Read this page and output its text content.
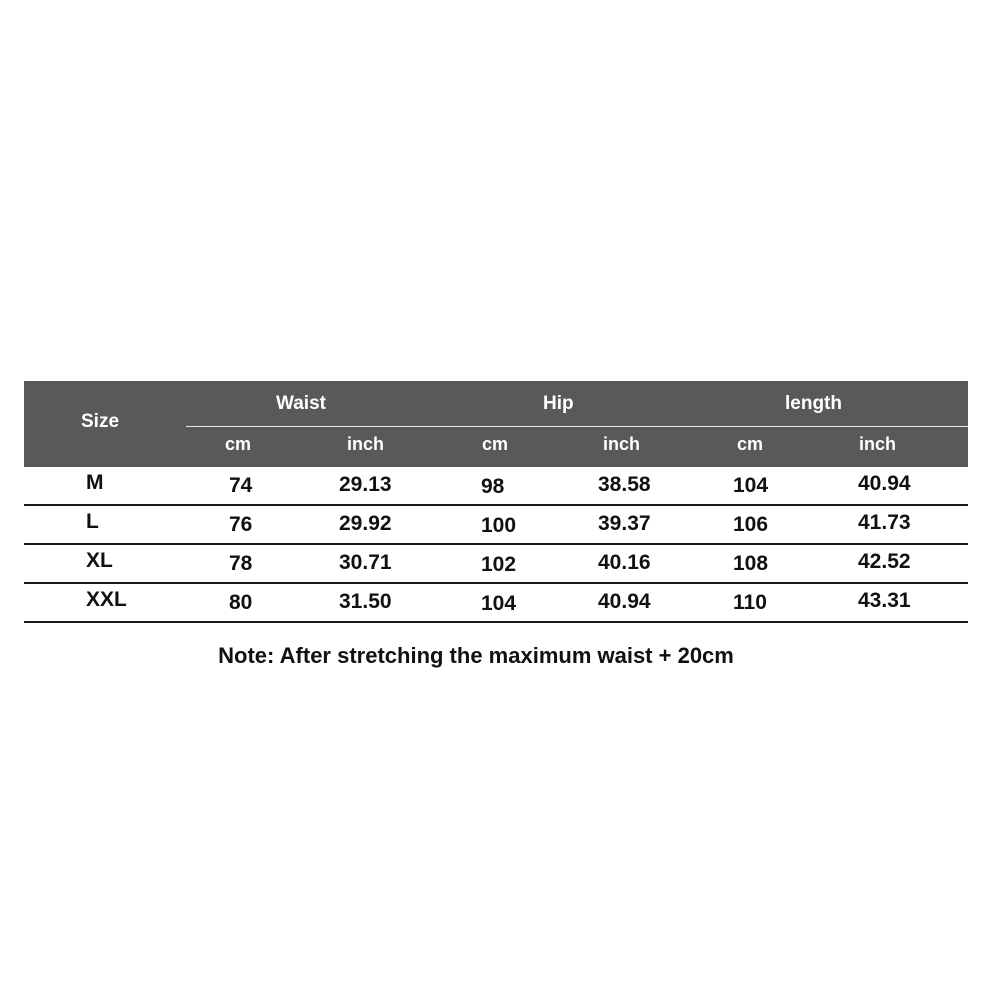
Size
Waist	Hip	length
cm	inch	cm	inch	cm	inch
M	74	29.13	98	38.58	104	40.94
L	76	29.92	100	39.37	106	41.73
XL	78	30.71	102	40.16	108	42.52
XXL	80	31.50	104	40.94	110	43.31
Note: After stretching the maximum waist + 20cm
